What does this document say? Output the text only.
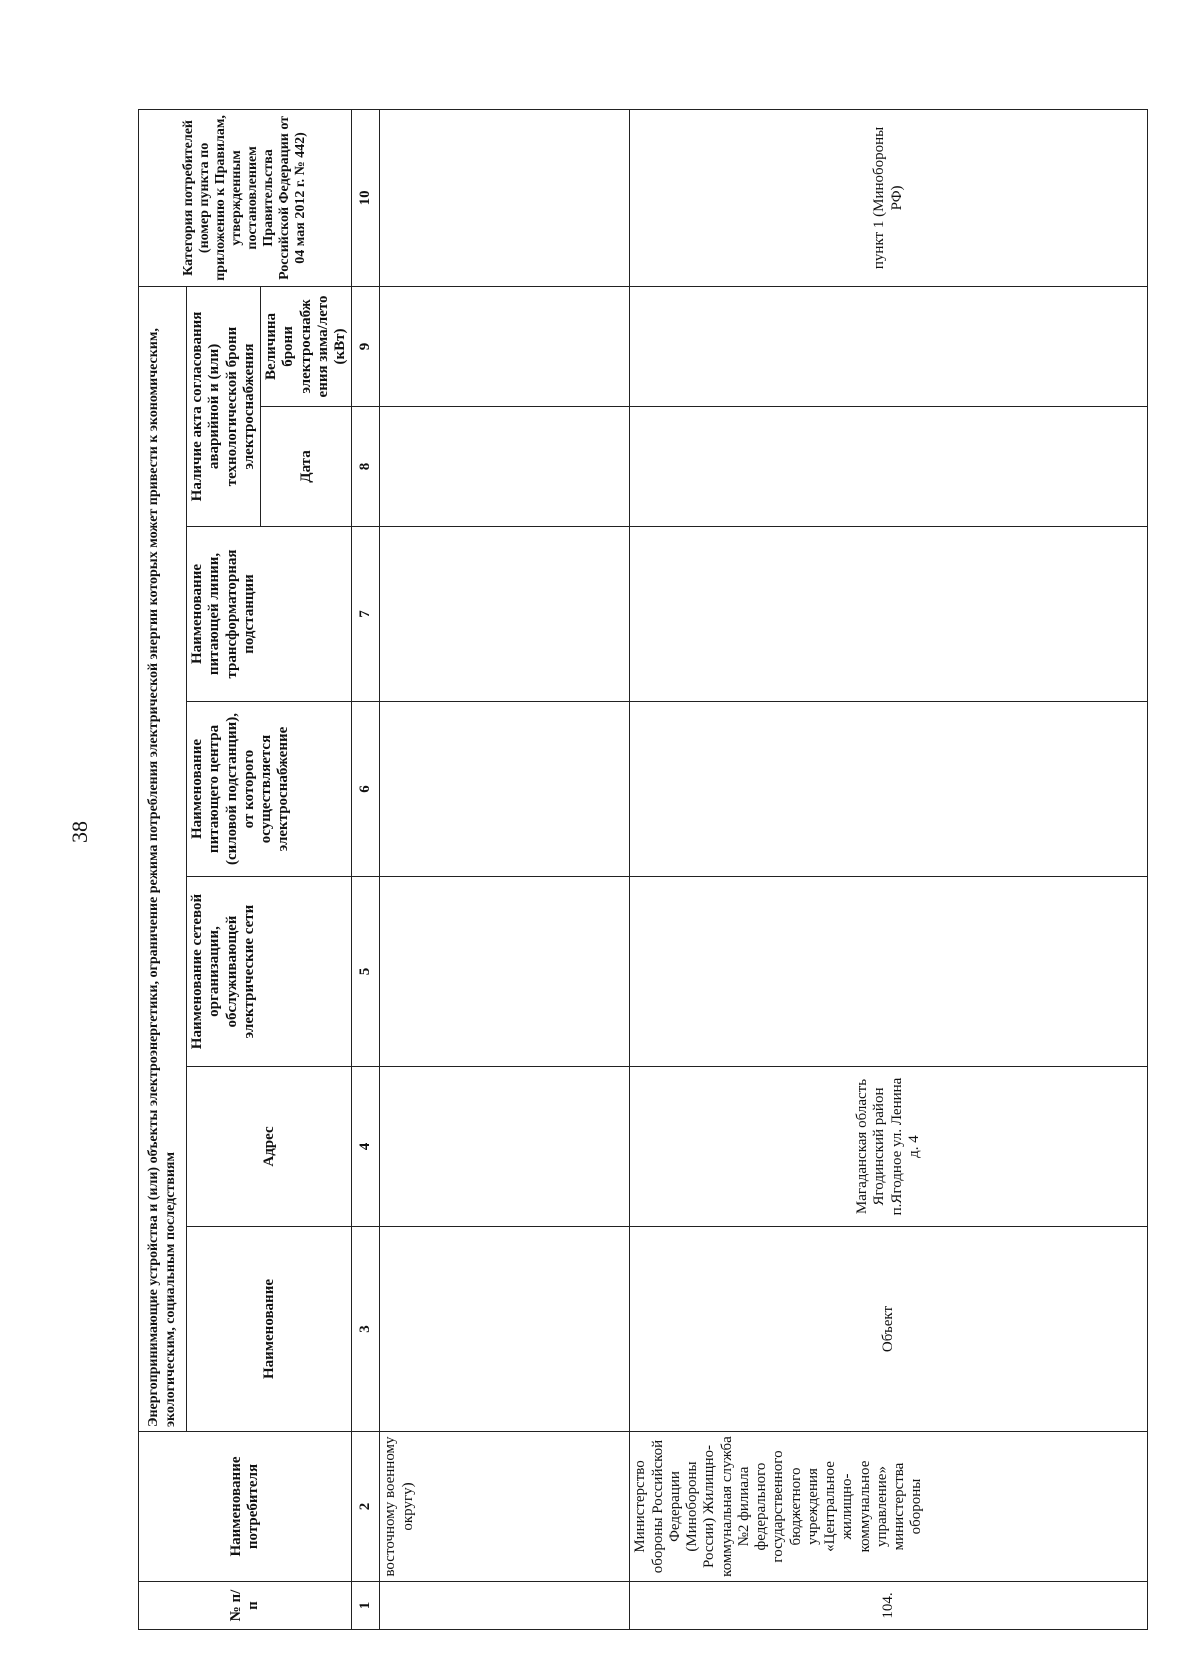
38
№ п/п	Наименование потребителя	Энергопринимающие устройства и (или) объекты электроэнергетики, ограничение режима потребления электрической энергии которых может привести к экономическим, экологическим, социальным последствиям							Категория потребителей (номер пункта по приложению к Правилам, утвержденным постановлением Правительства Российской Федерации от 04 мая 2012 г. № 442)
		Наименование	Адрес	Наименование сетевой организации, обслуживающей электрические сети	Наименование питающего центра (силовой подстанции), от которого осуществляется электроснабжение	Наименование питающей линии, трансформаторная подстанции	Наличие акта согласования аварийной и (или) технологической брони электроснабжения		
							Дата	Величина брони электроснабж ения зима/лето (кВт)	
1	2	3	4	5	6	7	8	9	10
	восточному военному округу)								
104.	Министерство обороны Российской Федерации (Минобороны России) Жилищно-коммунальная служба №2 филиала федерального государственного бюджетного учреждения «Центральное жилищно-коммунальное управление» министерства обороны	Объект	Магаданская область Ягодинский район п.Ягодное ул. Ленина д. 4						пункт 1 (Минобороны РФ)
